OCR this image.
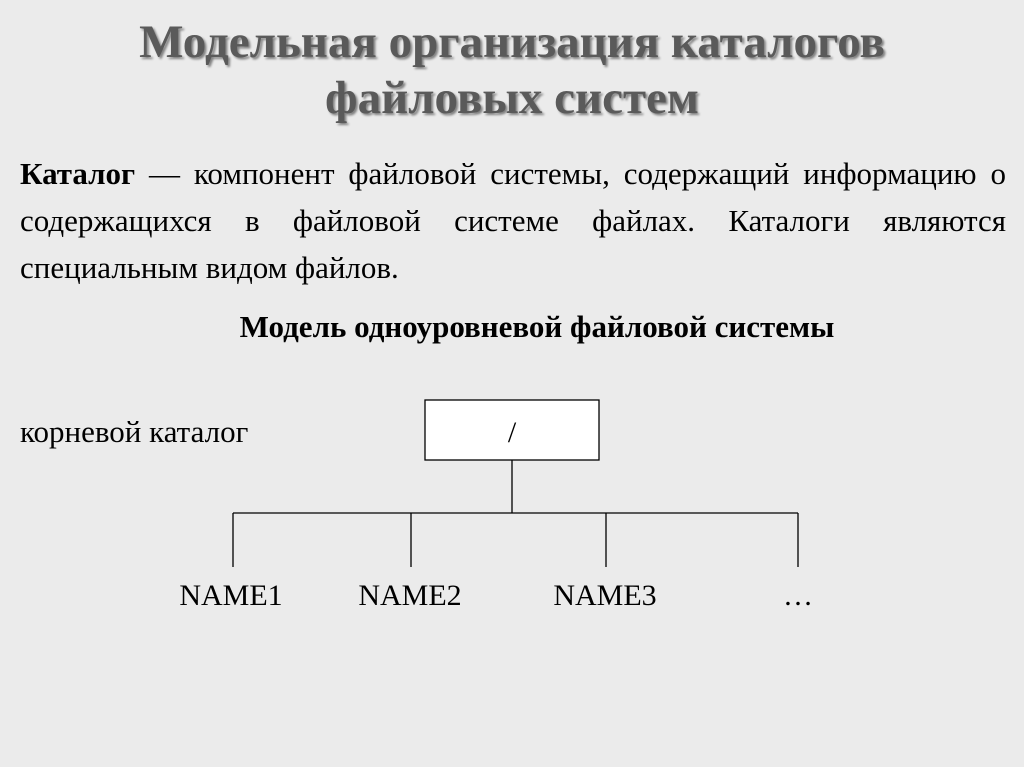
Модельная организация каталогов
файловых систем

Каталог — компонент файловой системы, содержащий информацию о содержащихся в файловой системе файлах. Каталоги являются специальным видом файлов.

Модель одноуровневой файловой системы

корневой каталог	/
NAME1	NAME2	NAME3	…
